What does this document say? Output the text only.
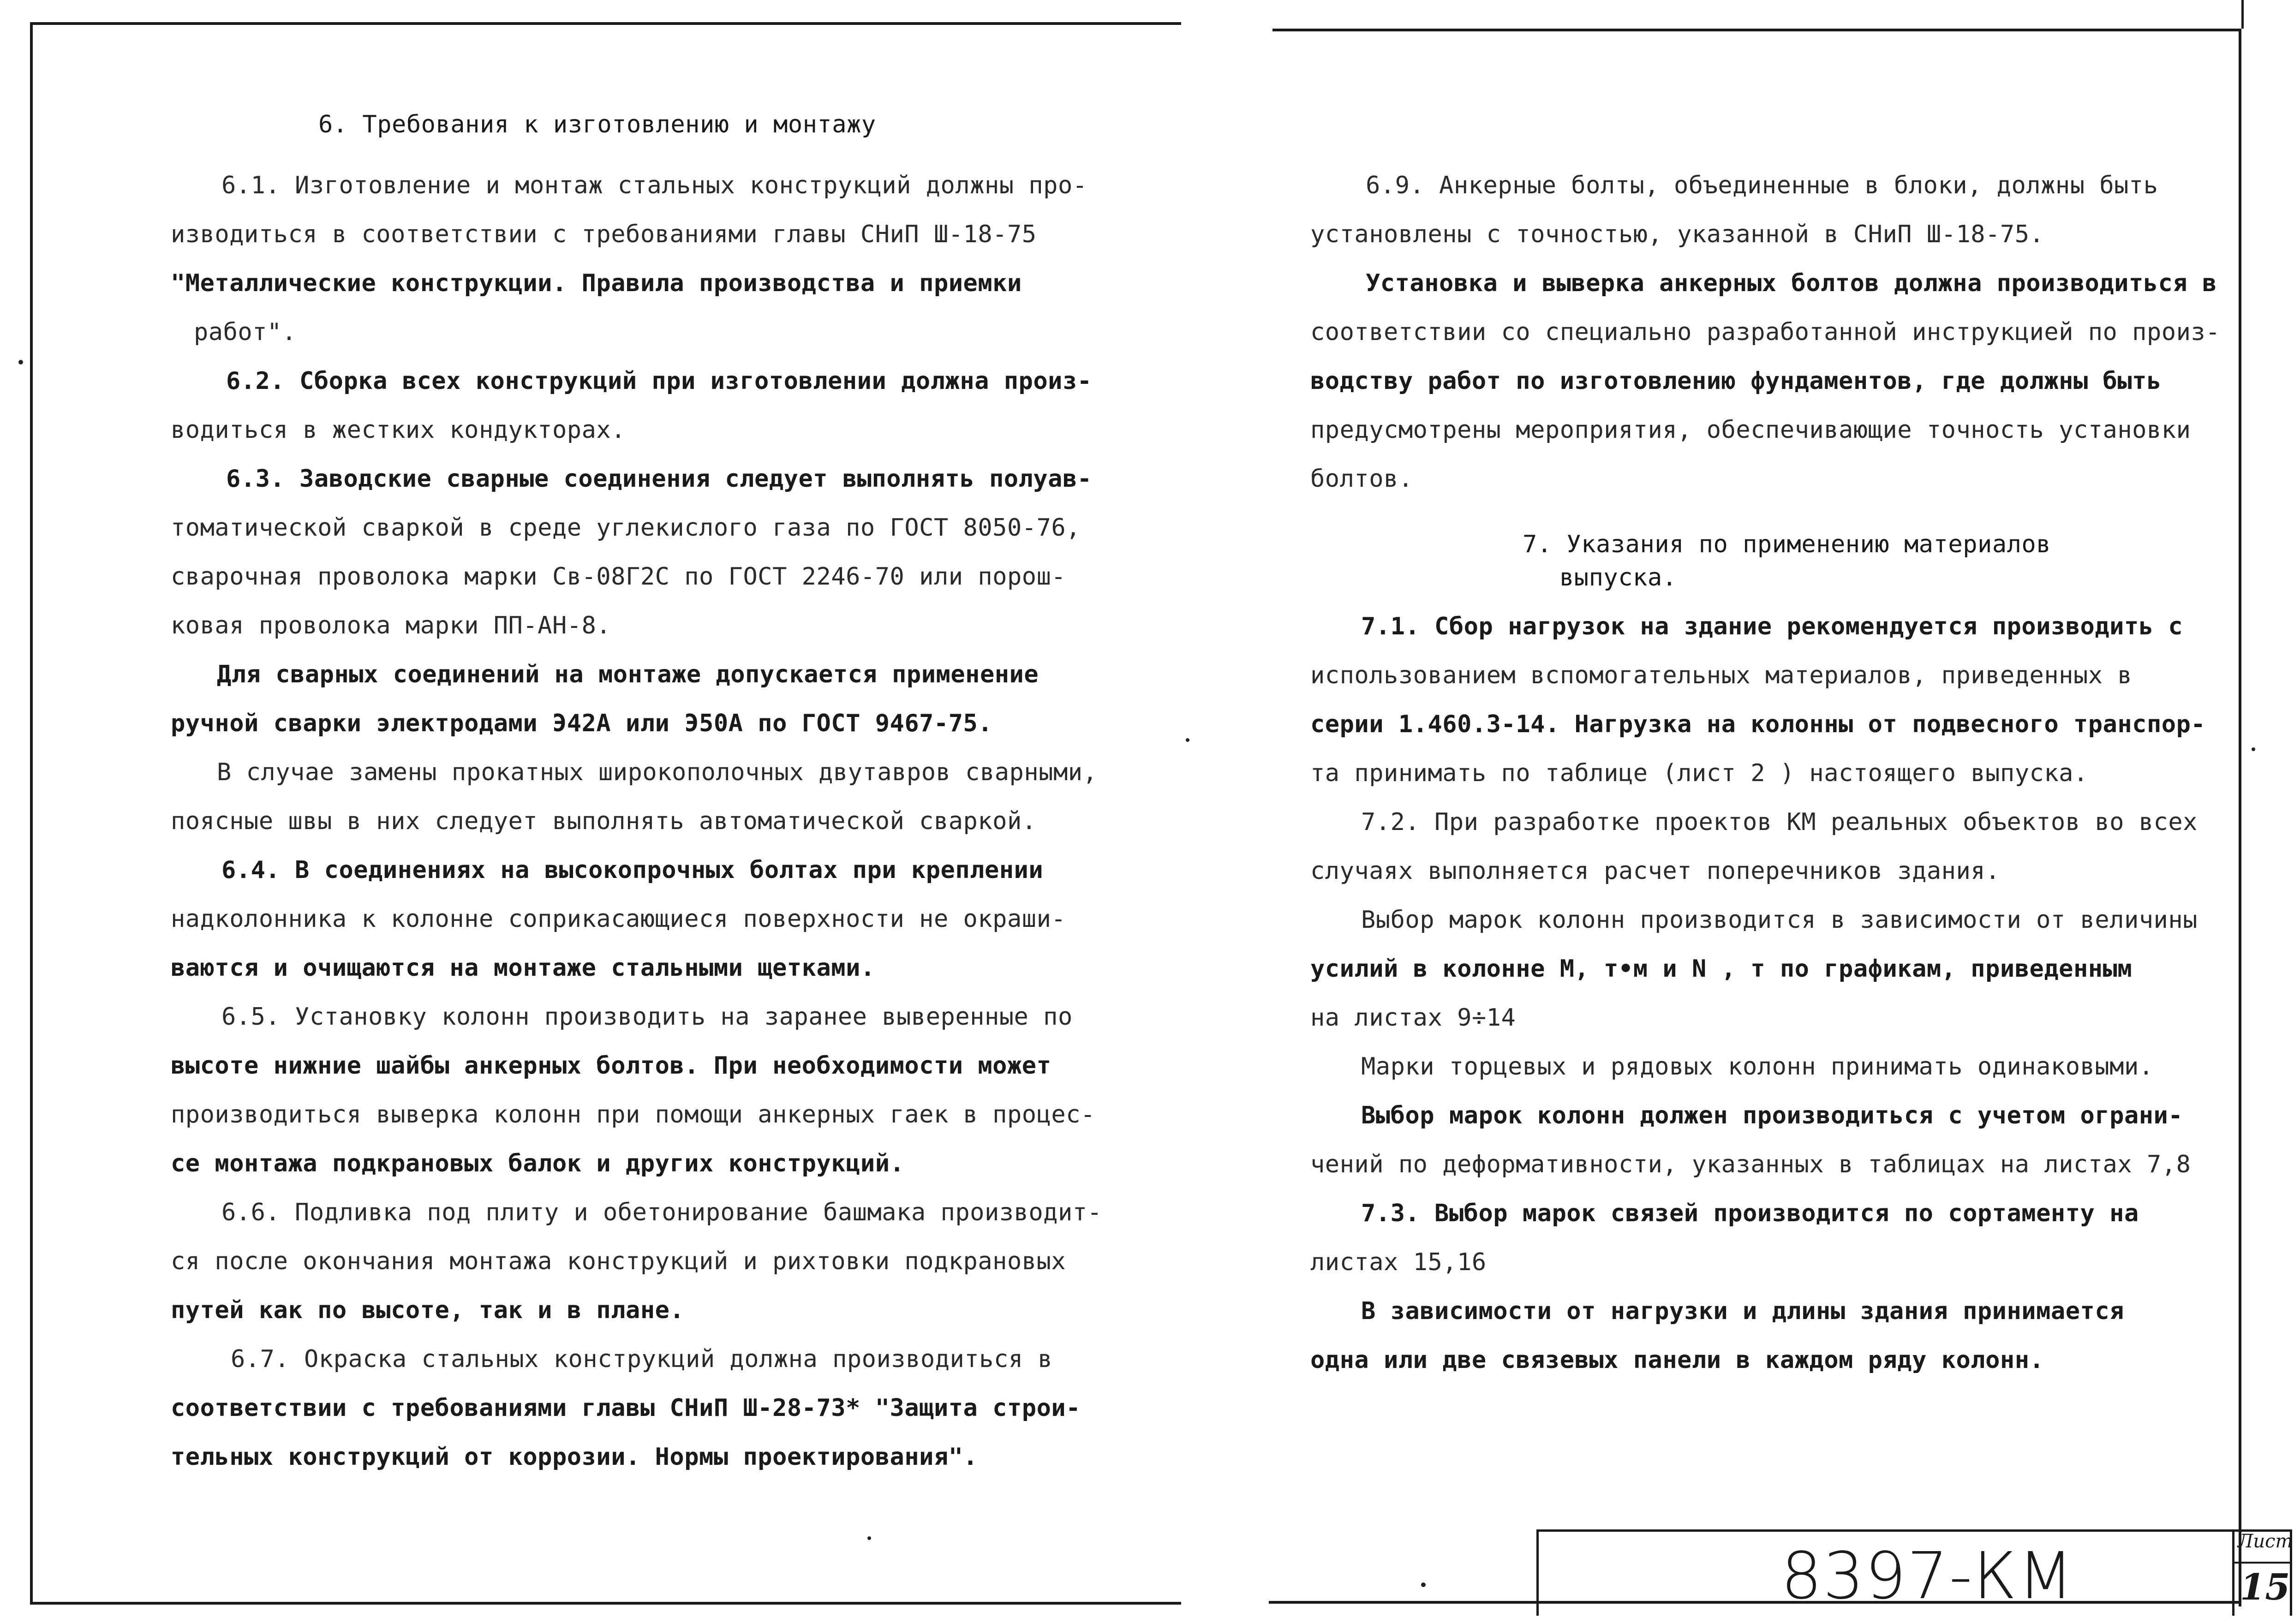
6. Требования к изготовлению и монтажу
6.1. Изготовление и монтаж стальных конструкций должны про-
изводиться в соответствии с требованиями главы СНиП Ш-18-75
"Металлические конструкции. Правила производства и приемки
работ".
6.2. Сборка всех конструкций при изготовлении должна произ-
водиться в жестких кондукторах.
6.3. Заводские сварные соединения следует выполнять полуав-
томатической сваркой в среде углекислого газа по ГОСТ 8050-76,
сварочная проволока марки Св-08Г2С по ГОСТ 2246-70 или порош-
ковая проволока марки ПП-АН-8.
Для сварных соединений на монтаже допускается применение
ручной сварки электродами Э42А или Э50А по ГОСТ 9467-75.
В случае замены прокатных широкополочных двутавров сварными,
поясные швы в них следует выполнять автоматической сваркой.
6.4. В соединениях на высокопрочных болтах при креплении
надколонника к колонне соприкасающиеся поверхности не окраши-
ваются и очищаются на монтаже стальными щетками.
6.5. Установку колонн производить на заранее выверенные по
высоте нижние шайбы анкерных болтов. При необходимости может
производиться выверка колонн при помощи анкерных гаек в процес-
се монтажа подкрановых балок и других конструкций.
6.6. Подливка под плиту и обетонирование башмака производит-
ся после окончания монтажа конструкций и рихтовки подкрановых
путей как по высоте, так и в плане.
6.7. Окраска стальных конструкций должна производиться в
соответствии с требованиями главы СНиП Ш-28-73* "Защита строи-
тельных конструкций от коррозии. Нормы проектирования".
6.9. Анкерные болты, объединенные в блоки, должны быть
установлены с точностью, указанной в СНиП Ш-18-75.
Установка и выверка анкерных болтов должна производиться в
соответствии со специально разработанной инструкцией по произ-
водству работ по изготовлению фундаментов, где должны быть
предусмотрены мероприятия, обеспечивающие точность установки
болтов.
7. Указания по применению материалов
выпуска.
7.1. Сбор нагрузок на здание рекомендуется производить с
использованием вспомогательных материалов, приведенных в
серии 1.460.3-14. Нагрузка на колонны от подвесного транспор-
та принимать по таблице (лист 2 ) настоящего выпуска.
7.2. При разработке проектов КМ реальных объектов во всех
случаях выполняется расчет поперечников здания.
Выбор марок колонн производится в зависимости от величины
усилий в колонне M, т•м и N , т по графикам, приведенным
на листах 9÷14
Марки торцевых и рядовых колонн принимать одинаковыми.
Выбор марок колонн должен производиться с учетом ограни-
чений по деформативности, указанных в таблицах на листах 7,8
7.3. Выбор марок связей производится по сортаменту на
листах 15,16
В зависимости от нагрузки и длины здания принимается
одна или две связевых панели в каждом ряду колонн.
8397-КМ	Лист
15
